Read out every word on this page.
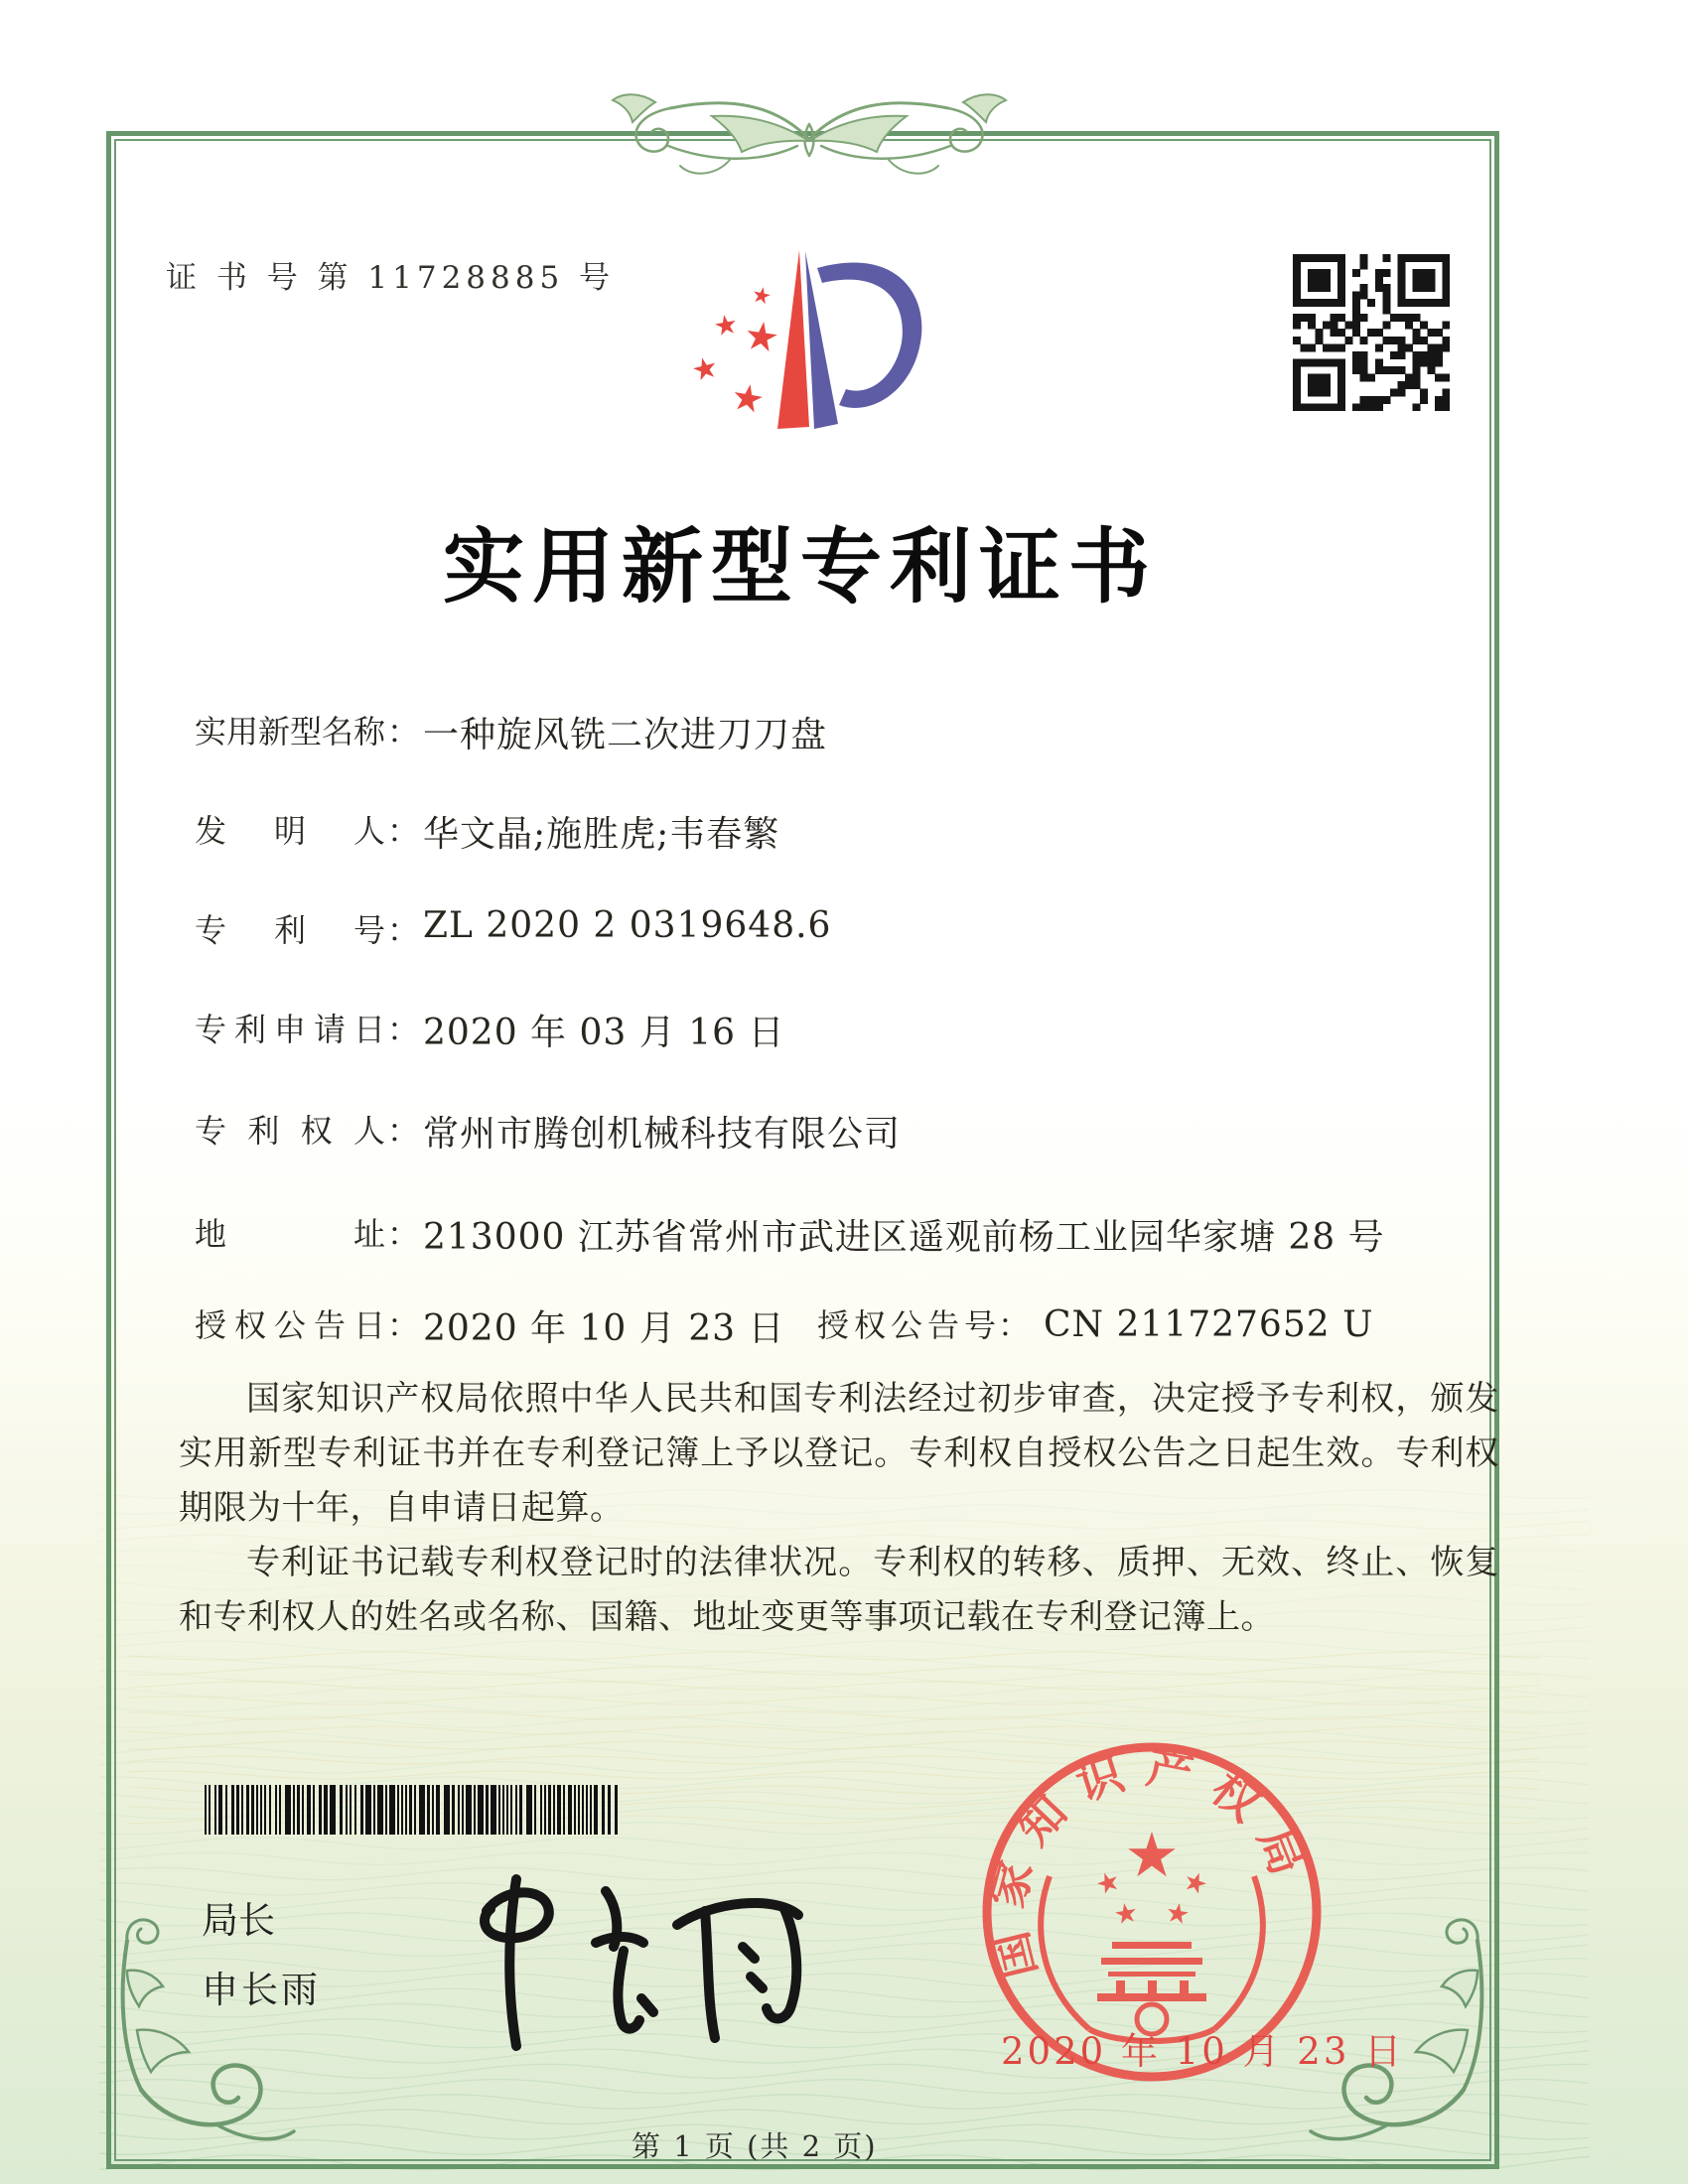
证 书 号 第 11728885 号
实用新型专利证书
实用新型名称： 一种旋风铣二次进刀刀盘
发明人： 华文晶;施胜虎;韦春繁
专利号： ZL 2020 2 0319648.6
专利申请日： 2020 年 03 月 16 日
专利权人： 常州市腾创机械科技有限公司
地址： 213000 江苏省常州市武进区遥观前杨工业园华家塘 28 号
授权公告日： 2020 年 10 月 23 日 授权公告号： CN 211727652 U

国家知识产权局依照中华人民共和国专利法经过初步审查，决定授予专利权，颁发实用新型专利证书并在专利登记簿上予以登记。专利权自授权公告之日起生效。专利权期限为十年，自申请日起算。

专利证书记载专利权登记时的法律状况。专利权的转移、质押、无效、终止、恢复和专利权人的姓名或名称、国籍、地址变更等事项记载在专利登记簿上。

局长
申长雨
国家知识产权局
2020 年 10 月 23 日
第 1 页 (共 2 页)
